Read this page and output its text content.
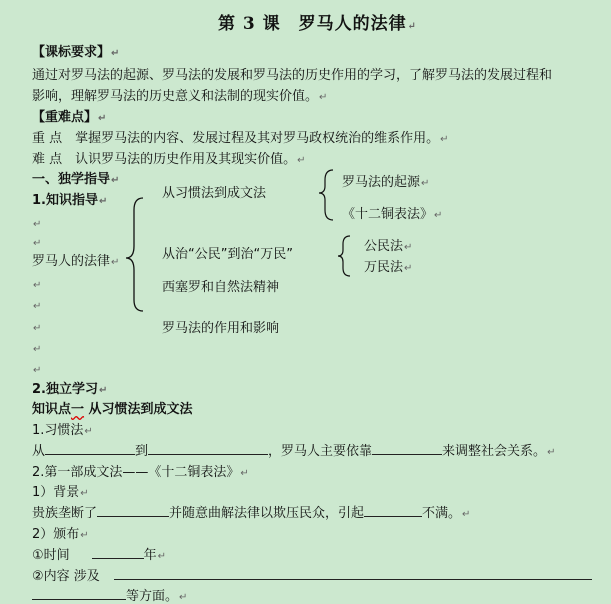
第 3 课　罗马人的法律↵
【课标要求】↵
通过对罗马法的起源、罗马法的发展和罗马法的历史作用的学习，了解罗马法的发展过程和
影响，理解罗马法的历史意义和法制的现实价值。↵
【重难点】↵
重 点　掌握罗马法的内容、发展过程及其对罗马政权统治的维系作用。↵
难 点　认识罗马法的历史作用及其现实价值。↵
一、独学指导↵
1.知识指导↵
从习惯法到成文法
罗马法的起源↵
《十二铜表法》↵
罗马人的法律↵
从治“公民”到治“万民”
公民法↵
万民法↵
西塞罗和自然法精神
罗马法的作用和影响
↵
↵
↵
↵
↵
↵
↵
2.独立学习↵
知识点一 从习惯法到成文法
1.习惯法↵
从	到	，罗马人主要依靠	来调整社会关系。↵
2.第一部成文法——《十二铜表法》↵
1）背景↵
贵族垄断了	并随意曲解法律以欺压民众，引起	不满。↵
2）颁布↵
①时间	年↵
②内容 涉及
等方面。↵
